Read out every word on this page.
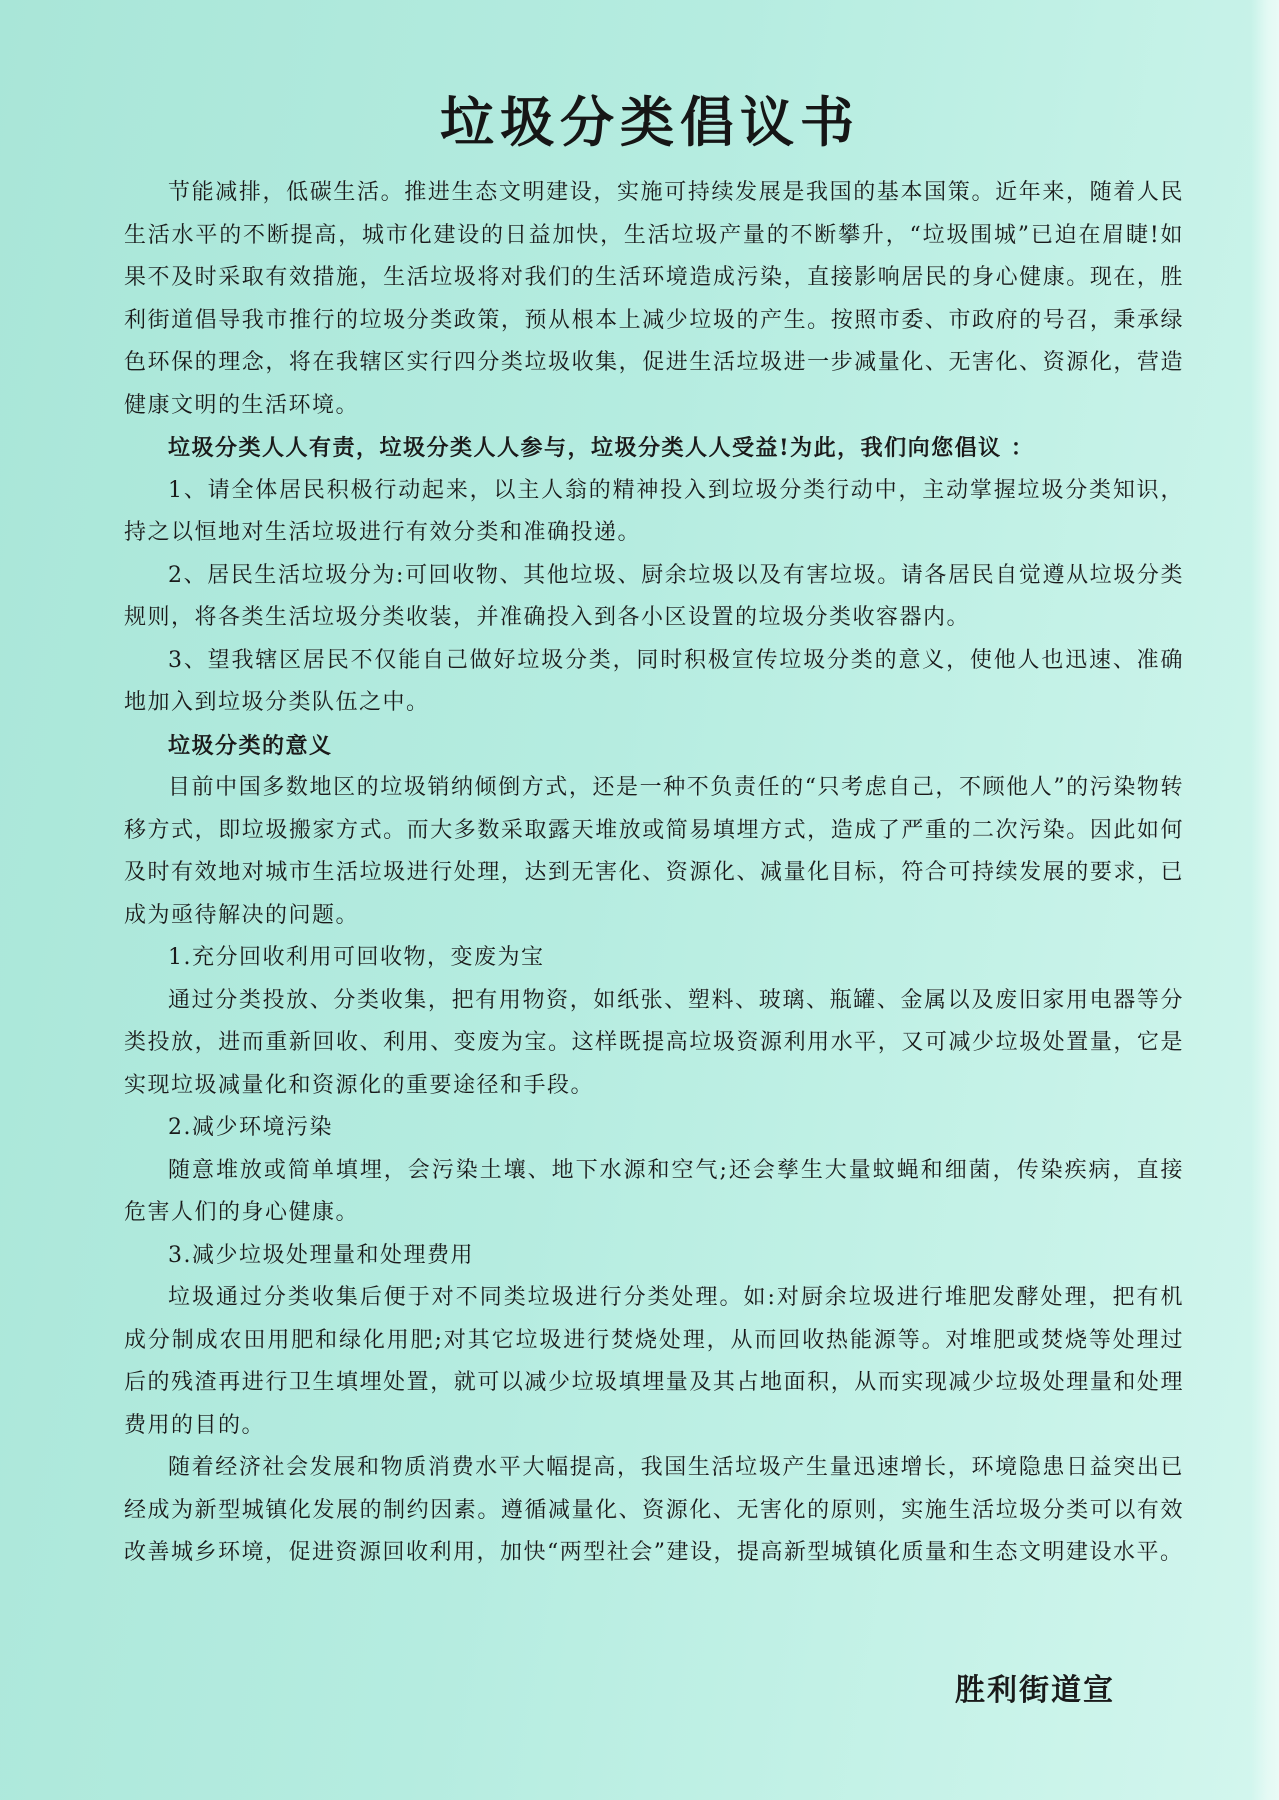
垃圾分类倡议书

节能减排，低碳生活。推进生态文明建设，实施可持续发展是我国的基本国策。近年来，随着人民生活水平的不断提高，城市化建设的日益加快，生活垃圾产量的不断攀升，“垃圾围城”已迫在眉睫!如果不及时采取有效措施，生活垃圾将对我们的生活环境造成污染，直接影响居民的身心健康。现在，胜利街道倡导我市推行的垃圾分类政策，预从根本上减少垃圾的产生。按照市委、市政府的号召，秉承绿色环保的理念，将在我辖区实行四分类垃圾收集，促进生活垃圾进一步减量化、无害化、资源化，营造健康文明的生活环境。

垃圾分类人人有责，垃圾分类人人参与，垃圾分类人人受益!为此，我们向您倡议 ：

1、请全体居民积极行动起来，以主人翁的精神投入到垃圾分类行动中，主动掌握垃圾分类知识，持之以恒地对生活垃圾进行有效分类和准确投递。

2、居民生活垃圾分为:可回收物、其他垃圾、厨余垃圾以及有害垃圾。请各居民自觉遵从垃圾分类规则，将各类生活垃圾分类收装，并准确投入到各小区设置的垃圾分类收容器内。

3、望我辖区居民不仅能自己做好垃圾分类，同时积极宣传垃圾分类的意义，使他人也迅速、准确地加入到垃圾分类队伍之中。

垃圾分类的意义

目前中国多数地区的垃圾销纳倾倒方式，还是一种不负责任的“只考虑自己，不顾他人”的污染物转移方式，即垃圾搬家方式。而大多数采取露天堆放或简易填埋方式，造成了严重的二次污染。因此如何及时有效地对城市生活垃圾进行处理，达到无害化、资源化、减量化目标，符合可持续发展的要求，已成为亟待解决的问题。

1.充分回收利用可回收物，变废为宝

通过分类投放、分类收集，把有用物资，如纸张、塑料、玻璃、瓶罐、金属以及废旧家用电器等分类投放，进而重新回收、利用、变废为宝。这样既提高垃圾资源利用水平，又可减少垃圾处置量，它是实现垃圾减量化和资源化的重要途径和手段。

2.减少环境污染

随意堆放或简单填埋，会污染土壤、地下水源和空气;还会孳生大量蚊蝇和细菌，传染疾病，直接危害人们的身心健康。

3.减少垃圾处理量和处理费用

垃圾通过分类收集后便于对不同类垃圾进行分类处理。如:对厨余垃圾进行堆肥发酵处理，把有机成分制成农田用肥和绿化用肥;对其它垃圾进行焚烧处理，从而回收热能源等。对堆肥或焚烧等处理过后的残渣再进行卫生填埋处置，就可以减少垃圾填埋量及其占地面积，从而实现减少垃圾处理量和处理费用的目的。

随着经济社会发展和物质消费水平大幅提高，我国生活垃圾产生量迅速增长，环境隐患日益突出已经成为新型城镇化发展的制约因素。遵循减量化、资源化、无害化的原则，实施生活垃圾分类可以有效改善城乡环境，促进资源回收利用，加快“两型社会”建设，提高新型城镇化质量和生态文明建设水平。

胜利街道宣
